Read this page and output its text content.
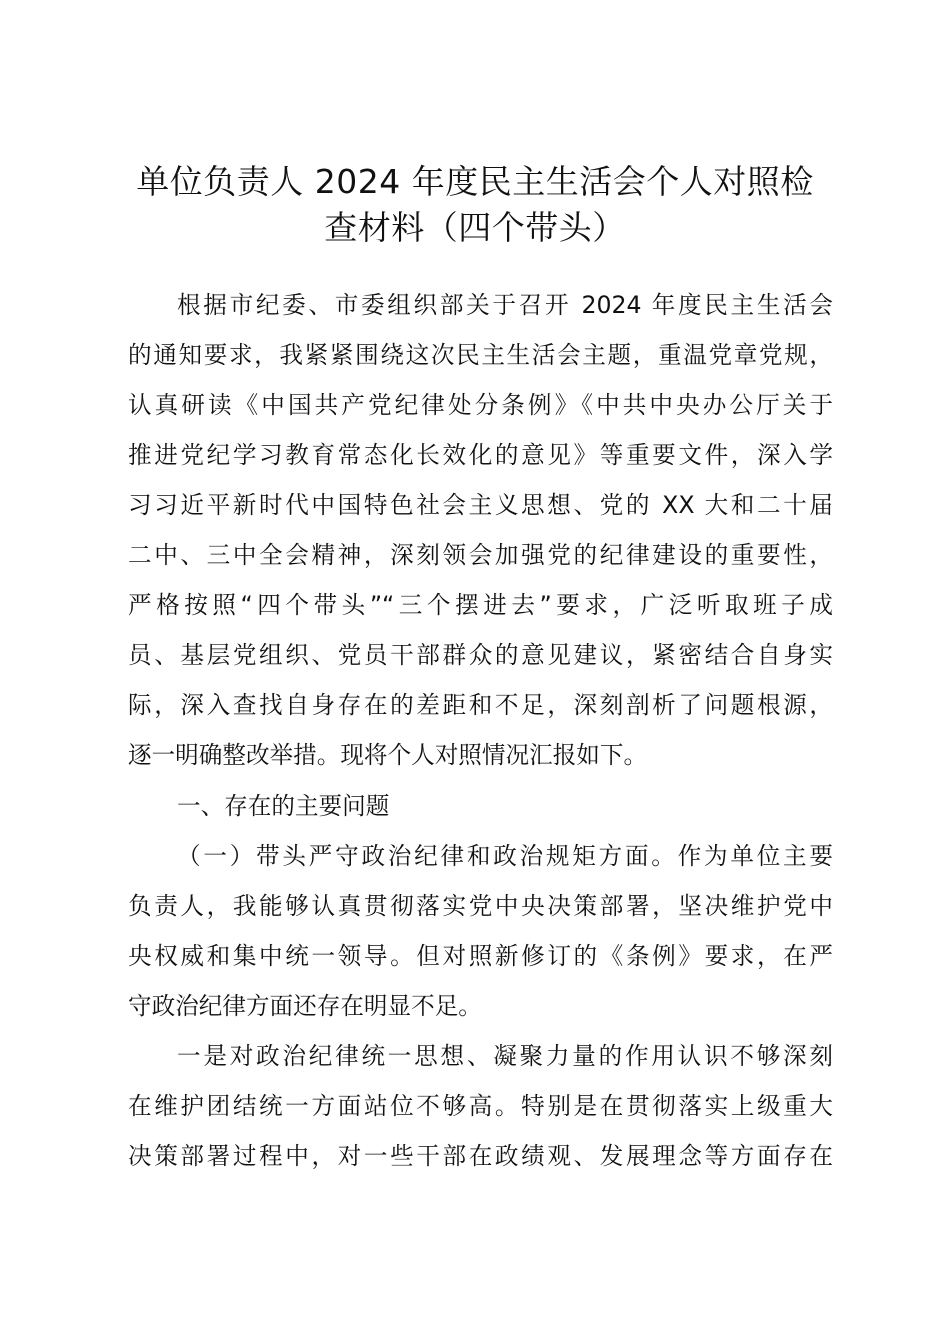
单位负责人 2024 年度民主生活会个人对照检
查材料（四个带头）
根据市纪委、市委组织部关于召开 2024 年度民主生活会
的通知要求，我紧紧围绕这次民主生活会主题，重温党章党规，
认真研读《中国共产党纪律处分条例》《中共中央办公厅关于
推进党纪学习教育常态化长效化的意见》等重要文件，深入学
习习近平新时代中国特色社会主义思想、党的 XX 大和二十届
二中、三中全会精神，深刻领会加强党的纪律建设的重要性，
严格按照“四个带头”“三个摆进去”要求，广泛听取班子成
员、基层党组织、党员干部群众的意见建议，紧密结合自身实
际，深入查找自身存在的差距和不足，深刻剖析了问题根源，
逐一明确整改举措。现将个人对照情况汇报如下。
一、存在的主要问题
（一）带头严守政治纪律和政治规矩方面。作为单位主要
负责人，我能够认真贯彻落实党中央决策部署，坚决维护党中
央权威和集中统一领导。但对照新修订的《条例》要求，在严
守政治纪律方面还存在明显不足。
一是对政治纪律统一思想、凝聚力量的作用认识不够深刻
在维护团结统一方面站位不够高。特别是在贯彻落实上级重大
决策部署过程中，对一些干部在政绩观、发展理念等方面存在
